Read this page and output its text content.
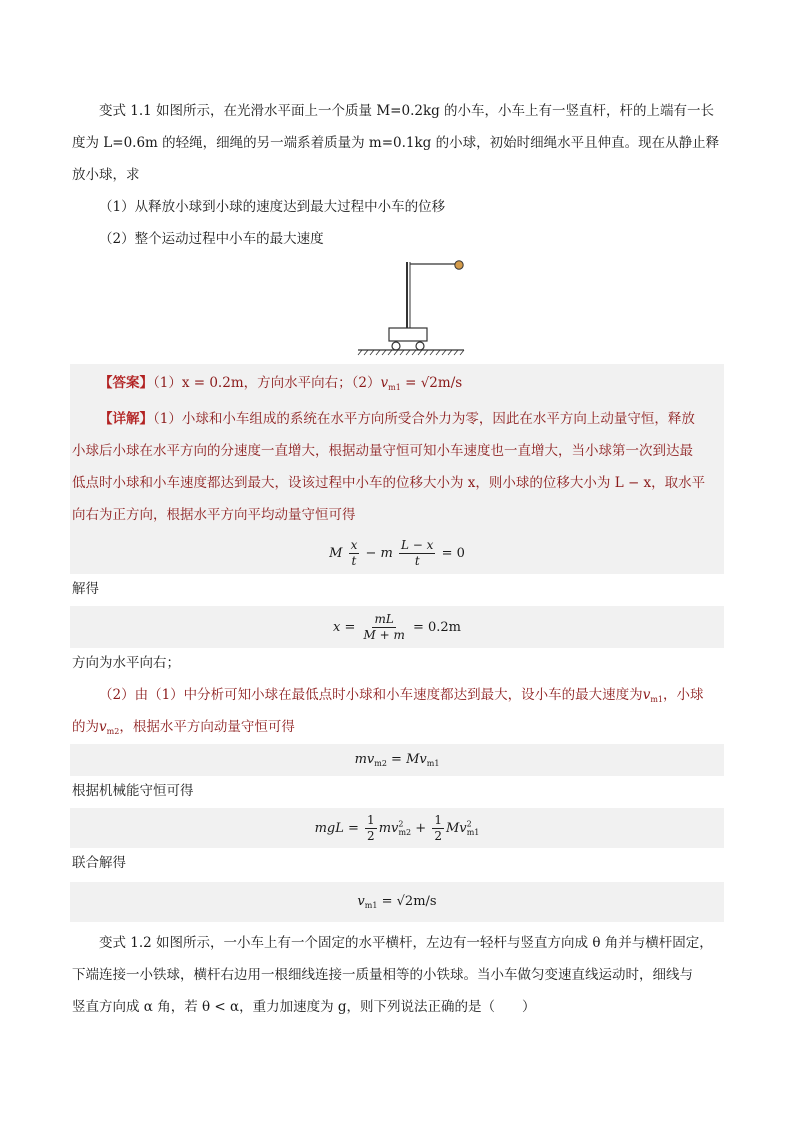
变式 1.1 如图所示，在光滑水平面上一个质量 M=0.2kg 的小车，小车上有一竖直杆，杆的上端有一长

度为 L=0.6m 的轻绳，细绳的另一端系着质量为 m=0.1kg 的小球，初始时细绳水平且伸直。现在从静止释

放小球，求

（1）从释放小球到小球的速度达到最大过程中小车的位移

（2）整个运动过程中小车的最大速度

【答案】（1）x = 0.2m，方向水平向右；$(2)v_{m1} = √2m/s$

【详解】（1）小球和小车组成的系统在水平方向所受合外力为零，因此在水平方向上动量守恒，释放

小球后小球在水平方向的分速度一直增大，根据动量守恒可知小车速度也一直增大，当小球第一次到达最

低点时小球和小车速度都达到最大，设该过程中小车的位移大小为 x，则小球的位移大小为 L − x，取水平

向右为正方向，根据水平方向平均动量守恒可得

M $\frac{x}{t} - m \frac{L - x}{t} = 0$

解得

$x = \frac{mL}{M + m} = 0.2m$

方向为水平向右；

（2）由（1）中分析可知小球在最低点时小球和小车速度都达到最大，设小车的最大速度为$v_{m1}$，小球

的为$v_{m2}$，根据水平方向动量守恒可得

$mv_{m2} = Mv_{m1}$

根据机械能守恒可得

mgL = $\frac{1}{2} mv^2_{m2} + \frac{1}{2} Mv^2_{m1}$

联合解得

$v_{m1} = √2m/s$

变式 1.2 如图所示，一小车上有一个固定的水平横杆，左边有一轻杆与竖直方向成 θ 角并与横杆固定，

下端连接一小铁球，横杆右边用一根细线连接一质量相等的小铁球。当小车做匀变速直线运动时，细线与

竖直方向成 α 角，若 θ < α，重力加速度为 g，则下列说法正确的是（　　）
